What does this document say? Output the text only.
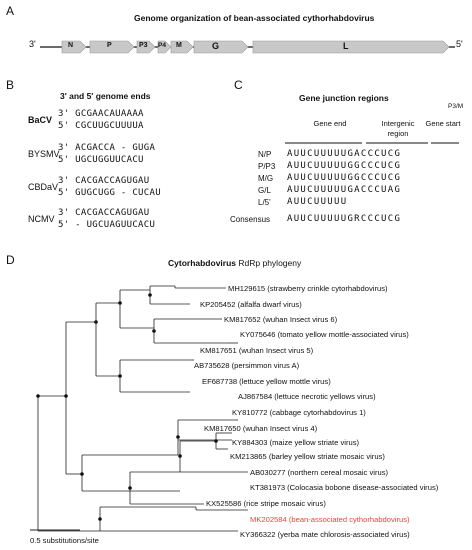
A	Genome organization of bean-associated cythorhabdovirus
3'	5'
N	P	P3 P4 M	G	L
B
3' and 5' genome ends
BaCV
3' GCGAACAUAAAA
5' CGCUUGCUUUUA
BYSMV
3' ACGACCA - GUGA
5' UGCUGGUUCACU
CBDaV
3' CACGACCAGUGAU
5' GUGCUGG - CUCAU
NCMV
3' CACGACCAGUGAU
5' - UGCUAGUUCACU
C
Gene junction regions
P3/M
Gene end	Intergenic region
Gene start
N/P AUUCUUUUUGACCCUCG
P/P3 AUUCUUUUUGGCCCUCG
M/G AUUCUUUUUGGCCCUCG
G/L AUUCUUUUUGACCCUAG
L/5' AUUCUUUUU
Consensus AUUCUUUUUGRCCCUCG
D	Cytorhabdovirus RdRp phylogeny
MH129615 (strawberry crinkle cytorhabdovirus)
KP205452 (alfalfa dwarf virus)
KM817652 (wuhan Insect virus 6)
KY075646 (tomato yellow mottle-associated virus)
KM817651 (wuhan Insect virus 5)
AB735628 (persimmon virus A)
EF687738 (lettuce yellow mottle virus)
AJ867584 (lettuce necrotic yellows virus)
KY810772 (cabbage cytorhabdovirus 1)
KM817650 (wuhan Insect virus 4)
KY884303 (maize yellow striate virus)
KM213865 (barley yellow striate mosaic virus)
AB030277 (northern cereal mosaic virus)
KT381973 (Colocasia bobone disease-associated virus)
KX525586 (rice stripe mosaic virus)
MK202584 (bean-associated cythorhabdovirus)
KY366322 (yerba mate chlorosis-associated virus)
0.5 substitutions/site
